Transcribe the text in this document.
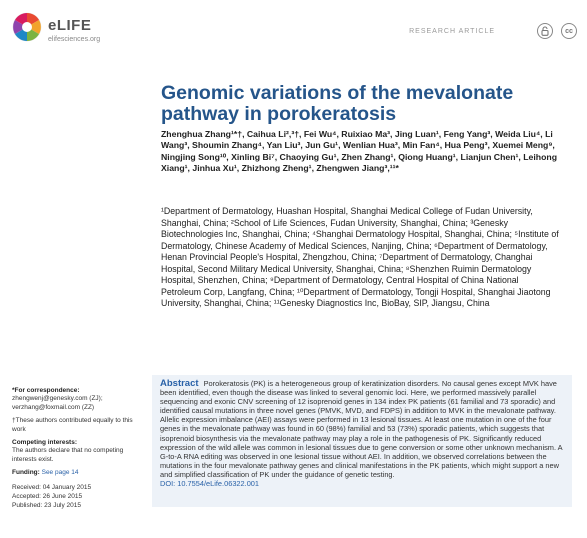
eLIFE
elifesciences.org
RESEARCH ARTICLE	cc
Genomic variations of the mevalonate pathway in porokeratosis
Zhenghua Zhang¹*†, Caihua Li²,³†, Fei Wu⁴, Ruixiao Ma³, Jing Luan¹, Feng Yang³, Weida Liu⁴, Li Wang³, Shoumin Zhang⁴, Yan Liu³, Jun Gu¹, Wenlian Hua³, Min Fan⁴, Hua Peng³, Xuemei Meng⁹, Ningjing Song¹⁰, Xinling Bi⁷, Chaoying Gu¹, Zhen Zhang¹, Qiong Huang¹, Lianjun Chen¹, Leihong Xiang¹, Jinhua Xu¹, Zhizhong Zheng¹, Zhengwen Jiang³,¹¹*
¹Department of Dermatology, Huashan Hospital, Shanghai Medical College of Fudan University, Shanghai, China; ²School of Life Sciences, Fudan University, Shanghai, China; ³Genesky Biotechnologies Inc, Shanghai, China; ⁴Shanghai Dermatology Hospital, Shanghai, China; ⁵Institute of Dermatology, Chinese Academy of Medical Sciences, Nanjing, China; ⁶Department of Dermatology, Henan Provincial People's Hospital, Zhengzhou, China; ⁷Department of Dermatology, Changhai Hospital, Second Military Medical University, Shanghai, China; ⁸Shenzhen Ruimin Dermatology Hospital, Shenzhen, China; ⁹Department of Dermatology, Central Hospital of China National Petroleum Corp, Langfang, China; ¹⁰Department of Dermatology, Tongji Hospital, Shanghai Jiaotong University, Shanghai, China; ¹¹Genesky Diagnostics Inc, BioBay, SIP, Jiangsu, China
*For correspondence:
zhengwenj@genesky.com (ZJ); verzhang@foxmail.com (ZZ)
†These authors contributed equally to this work
Competing interests:
The authors declare that no competing interests exist.
Funding: See page 14
Received: 04 January 2015
Accepted: 26 June 2015
Published: 23 July 2015
Abstract Porokeratosis (PK) is a heterogeneous group of keratinization disorders. No causal genes except MVK have been identified, even though the disease was linked to several genomic loci. Here, we performed massively parallel sequencing and exonic CNV screening of 12 isoprenoid genes in 134 index PK patients (61 familial and 73 sporadic) and identified causal mutations in three novel genes (PMVK, MVD, and FDPS) in addition to MVK in the mevalonate pathway. Allelic expression imbalance (AEI) assays were performed in 13 lesional tissues. At least one mutation in one of the four genes in the mevalonate pathway was found in 60 (98%) familial and 53 (73%) sporadic patients, which suggests that isoprenoid biosynthesis via the mevalonate pathway may play a role in the pathogenesis of PK. Significantly reduced expression of the wild allele was common in lesional tissues due to gene conversion or some other unknown mechanism. A G-to-A RNA editing was observed in one lesional tissue without AEI. In addition, we observed correlations between the mutations in the four mevalonate pathway genes and clinical manifestations in the PK patients, which might support a new and simplified classification of PK under the guidance of genetic testing.
DOI: 10.7554/eLife.06322.001
